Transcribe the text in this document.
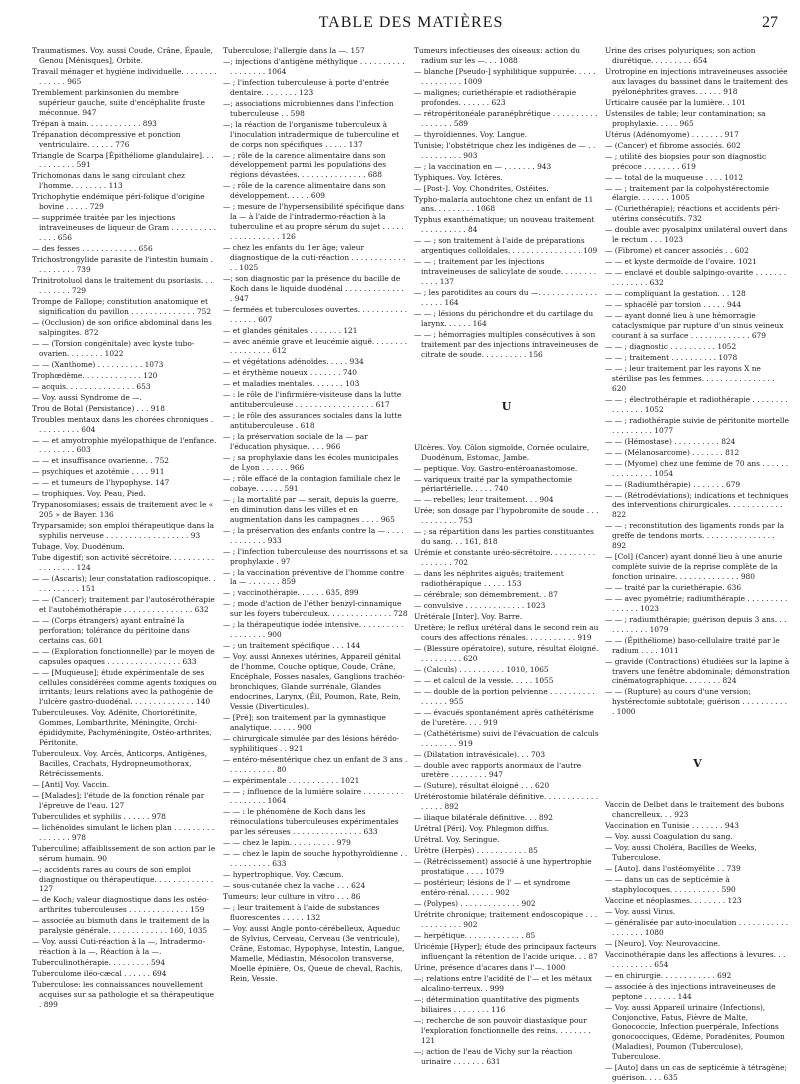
TABLE DES MATIÈRES	27
Traumatismes. Voy. aussi Coude, Crâne, Épaule, Genou [Ménisques], Orbite.
Travail ménager et hygiène individuelle. . . . . . . . . . . . . . 965
Tremblement parkinsonien du membre supérieur gauche, suite d'encéphalite fruste méconnue. 947
Trépan à main. . . . . . . . . . . . 893
Trépanation décompressive et ponction ventriculaire. . . . . . 776
Triangle de Scarpa [Épithéliome glandulaire]. . . . . . . . . . . 591
Trichomonas dans le sang circulant chez l'homme. . . . . . . . 113
Trichophytie endémique péri-folique d'origine bovine . . . . . 729
— supprimée traitée par les injections intraveineuses de liqueur de Gram . . . . . . . . . . . . . . 656
— des fesses . . . . . . . . . . . . 656
Trichostrongylide parasite de l'intestin humain . . . . . . . . . 739
Trinitrotoluol dans le traitement du psoriasis. . . . . . . . . . 729
Trompe de Fallope; constitution anatomique et signification du pavillon . . . . . . . . . . . . . . 752
— (Occlusion) de son orifice abdominal dans les salpingites. 872
— — (Torsion congénitale) avec kyste tubo-ovarien. . . . . . . . 1022
— — (Xanthome) . . . . . . . . . . 1073
Trophœdème. . . . . . . . . . . . . 120
— acquis. . . . . . . . . . . . . . . 653
— Voy. aussi Syndrome de —.
Trou de Botal (Persistance) . . . 918
Troubles mentaux dans les chorées chroniques . . . . . . . . . . 604
— — et amyotrophie myélopathique de l'enfance. . . . . . . . . 603
— — et insuffisance ovarienne. . 752
— psychiques et azotémie . . . . 911
— — et tumeurs de l'hypophyse. 147
— trophiques. Voy. Peau, Pied.
Trypanosomiases; essais de traitement avec le « 205 » de Bayer. 136
Tryparsamide; son emploi thérapeutique dans la syphilis nerveuse . . . . . . . . . . . . . . . . . . 93
Tubage. Voy. Duodénum.
Tube digestif; son activité sécrétoire. . . . . . . . . . . . . . . . . . 124
— — (Ascaris); leur constatation radioscopique. . . . . . . . . . . 151
— — (Cancer); traitement par l'autosérothérapie et l'autohémothérapie . . . . . . . . . . . . . . . 632
— — (Corps étrangers) ayant entraîné la perforation; tolérance du péritoine dans certains cas. 601
— — (Exploration fonctionnelle) par le moyen de capsules opaques . . . . . . . . . . . . . . . . 633
— — [Muqueuse]; étude expérimentale de ses cellules considérées comme agents toxiques ou irritants; leurs relations avec la pathogénie de l'ulcère gastro-duodénal. . . . . . . . . . . . . . 140
Tuberculeuses. Voy. Adénite, Choriorétinite, Gommes, Lombarthrite, Méningite, Orchi-épididymite, Pachyméningite, Ostéo-arthrites, Péritonite.
Tuberculeux. Voy. Arcès, Anticorps, Antigènes, Bacilles, Crachats, Hydropneumothorax, Rétrécissements.
— [Anti] Voy. Vaccin.
— [Malades]; l'étude de la fonction rénale par l'épreuve de l'eau. 127
Tuberculides et syphilis . . . . . . 978
— lichénoïdes simulant le lichen plan . . . . . . . . . . . . . . . . 978
Tuberculine; affaiblissement de son action par le sérum humain. 90
—; accidents rares au cours de son emploi diagnostique ou thérapeutique. . . . . . . . . . . . . 127
— de Koch; valeur diagnostique dans les ostéo-arthrites tuberculeuses . . . . . . . . . . . . . 159
— associée au bismuth dans le traitement de la paralysie générale. . . . . . . . . . . . . 160, 1035
— Voy. aussi Cuti-réaction à la —, Intradermo-réaction à la —, Réaction à la —.
Tuberculinothérapie. . . . . . . . . 594
Tuberculome iléo-cæcal . . . . . . 694
Tuberculose: les connaissances nouvellement acquises sur sa pathologie et sa thérapeutique . 899
Tuberculose; l'allergie dans la —. 157
—; injections d'antigène méthylique . . . . . . . . . . . . . . . . . . 1064
— ; l'infection tuberculeuse à porte d'entrée dentaire. . . . . . . . 123
—; associations microbiennes dans l'infection tuberculeuse . . 598
—; la réaction de l'organisme tuberculeux à l'inoculation intradermique de tuberculine et de corps non spécifiques . . . . . 137
— ; rôle de la carence alimentaire dans son développement parmi les populations des régions dévastées. . . . . . . . . . . . . . . 688
— ; rôle de la carence alimentaire dans son développement. . . . . 609
— ; mesure de l'hypersensibilité spécifique dans la — à l'aide de l'intradermo-réaction à la tuberculine et au propre sérum du sujet . . . . . . . . . . . . . . . . 126
— chez les enfants du 1er âge; valeur diagnostique de la cuti-réaction . . . . . . . . . . . . . . 1025
—; son diagnostic par la présence du bacille de Koch dans le liquide duodénal . . . . . . . . . . . . . . 947
— fermées et tuberculoses ouvertes. . . . . . . . . . . . . . . . . 607
— et glandes génitales . . . . . . . 121
— avec anémie grave et leucémie aiguë. . . . . . . . . . . . . . . . . 612
— et végétations adénoïdes. . . . . 934
— et érythème noueux . . . . . . . 740
— et maladies mentales. . . . . . . 103
— : le rôle de l'infirmière-visiteuse dans la lutte antituberculeuse . . . . . . . . . . . . . . . . . 617
— ; le rôle des assurances sociales dans la lutte antituberculeuse . 618
— ; la préservation sociale de la — par l'éducation physique. . . . 966
— ; sa prophylaxie dans les écoles municipales de Lyon . . . . . . 966
— ; rôle effacé de la contagion familiale chez le cobaye. . . . . . 591
— ; la mortalité par — serait, depuis la guerre, en diminution dans les villes et en augmentation dans les campagnes . . . . 965
— ; la préservation des enfants contre la — . . . . . . . . . . . . 933
— ; l'infection tuberculeuse des nourrissons et sa prophylaxie . 97
— ; la vaccination préventive de l'homme contre la — . . . . . . . 859
— ; vaccinothérapie. . . . . . 635, 899
— ; mode d'action de l'éther benzyl-cinnamique sur les foyers tuberculeux. . . . . . . . . . . . . . 728
— ; la thérapeutique iodée intensive. . . . . . . . . . . . . . . . . . 900
— ; un traitement spécifique . . . 144
— Voy. aussi Annexes utérines, Appareil génital de l'homme, Couche optique, Coude, Crâne, Encéphale, Fosses nasales, Ganglions trachéo-bronchiques, Glande surrénale, Glandes endocrines, Larynx, (Éil, Poumon, Rate, Rein, Vessie (Diverticules).
— [Pré]; son traitement par la gymnastique analytique. . . . . . 900
— chirurgicale simulée par des lésions hérédo-syphilitiques . . 921
— entéro-mésentérique chez un enfant de 3 ans . . . . . . . . . . . 80
— expérimentale . . . . . . . . . . . 1021
— — ; influence de la lumière solaire . . . . . . . . . . . . . . . . . 1064
— — : le phénomène de Koch dans les réinoculations tuberculeuses expérimentales par les séreuses . . . . . . . . . . . . . . . 633
— — chez le lapin. . . . . . . . . . 979
— — chez le lapin de souche hypothyroïdienne . . . . . . . . . . . 633
— hypertrophique. Voy. Cæcum.
— sous-cutanée chez la vache . . . 624
Tumeurs; leur culture in vitro . . . 86
— ; leur traitement à l'aide de substances fluorescentes . . . . . 132
— Voy. aussi Angle ponto-cérébelleux, Aqueduc de Sylvius, Cerveau, Cerveau (3e ventricule), Crâne, Estomac, Hypophyse, Intestin, Langue, Mamelle, Médiastin, Mésocolon transverse, Moelle épinière, Os, Queue de cheval, Rachis, Rein, Vessie.
Tumeurs infectieuses des oiseaux: action du radium sur les —. . . 1088
— blanche [Pseudo-] syphilitique suppurée. . . . . . . . . . . . . . 1009
— malignes; curiethérapie et radiothérapie profondes. . . . . . . 623
— rétropéritonéale paranéphrétique . . . . . . . . . . . . . . . . . 589
— thyroïdiennes. Voy. Langue.
Tunisie; l'obstétrique chez les indigènes de — . . . . . . . . . . . 903
— ; la vaccination en — . . . . . . . 943
Typhiques. Voy. Ictères.
— [Post-]. Voy. Chondrites, Ostéites.
Typho-malaria autochtone chez un enfant de 11 ans. . . . . . . . . 1068
Typhus exanthématique; un nouveau traitement . . . . . . . . . . 84
— — ; son traitement à l'aide de préparations argentiques colloïdales. . . . . . . . . . . . . . . . 109
— — ; traitement par les injections intraveineuses de salicylate de soude. . . . . . . . . . . . 137
— ; les parotidites au cours du —. . . . . . . . . . . . . . . . . . 164
— — ; lésions du périchondre et du cartilage du larynx. . . . . . 164
— — ; hémorragies multiples consécutives à son traitement par des injections intraveineuses de citrate de soude. . . . . . . . . . 156
U
Ulcères. Voy. Côlon sigmoïde, Cornée oculaire, Duodénum, Estomac, Jambe.
— peptique. Voy. Gastro-entéroanastomose.
— variqueux traité par la sympathectomie périartérielle. . . . . 740
— — rebelles; leur traitement. . . 904
Urée; son dosage par l'hypobromite de soude . . . . . . . . . . . 753
— ; sa répartition dans les parties constituantes du sang. . . 161, 818
Urémie et constante uréo-sécrétoire. . . . . . . . . . . . . . . . . 702
— dans les néphrites aiguës; traitement radiothérapique . . . . . 153
— cérébrale; son démembrement. . 87
— convulsive . . . . . . . . . . . . . 1023
Urétérale [Inter]. Voy. Barre.
Uretère; le reflux urétéral dans le second rein au cours des affections rénales. . . . . . . . . . . 919
— (Blessure opératoire), suture, résultat éloigné. . . . . . . . . . 620
— (Calculs) . . . . . . . . . . 1010, 1065
— — et calcul de la vessie. . . . . 1055
— — double de la portion pelvienne . . . . . . . . . . . . . . . . 955
— — évacués spontanément après cathétérisme de l'uretère. . . . 919
— (Cathétérisme) suivi de l'évacuation de calculs . . . . . . . . 919
— (Dilatation intravésicale). . . 703
— double avec rapports anormaux de l'autre uretère . . . . . . . . 947
— (Suture), résultat éloigné . . . 620
Urétérostomie bilatérale définitive. . . . . . . . . . . . . . . . . 892
— iliaque bilatérale définitive. . . 892
Urétral [Péri]. Voy. Phlegmon diffus.
Urétral. Voy. Seringue.
Urètre (Herpès) . . . . . . . . . . . 85
— (Rétrécissement) associé à une hypertrophie prostatique . . . . 1079
— postérieur; lésions de l' — et syndrome entéro-rénal. . . . . . 902
— (Polypes) . . . . . . . . . . . . . 902
Urétrite chronique; traitement endoscopique . . . . . . . . . . . . 902
— herpétique. . . . . . . . . . . . . 85
Uricémie [Hyper]; étude des principaux facteurs influençant la rétention de l'acide urique. . . 87
Urine, présence d'acares dans l'—. 1000
—; relations entre l'acidité de l'— et les métaux alcalino-terreux. . 999
—; détermination quantitative des pigments biliaires . . . . . . . . 116
—; recherche de son pouvoir diastasique pour l'exploration fonctionnelle des reins. . . . . . . . 121
—; action de l'eau de Vichy sur la réaction urinaire . . . . . . . 631
Urine des crises polyuriques; son action diurétique. . . . . . . . . 654
Urotropine en injections intraveineuses associée aux lavages du bassinet dans le traitement des pyélonéphrites graves. . . . . . 918
Urticaire causée par la lumière. . 101
Ustensiles de table; leur contamination; sa prophylaxie. . . . . 965
Utérus (Adénomyome) . . . . . . . 917
— (Cancer) et fibrome associés. 602
— ; utilité des biopsies pour son diagnostic précoce . . . . . . . . 619
— — total de la muqueuse . . . . 1012
— — ; traitement par la colpohystérectomie élargie. . . . . . . 1005
— (Curiethérapie); réactions et accidents péri-utérins consécutifs. 732
— double avec pyosalpinx unilatéral ouvert dans le rectum . . . 1023
— (Fibrome) et cancer associés . . 602
— — et kyste dermoïde de l'ovaire. 1021
— — enclavé et double salpingo-ovarite . . . . . . . . . . . . . . . 632
— — compliquant la gestation. . . 128
— — sphacélé par torsion . . . . . 944
— — ayant donné lieu à une hémorragie cataclysmique par rupture d'un sinus veineux courant à sa surface . . . . . . . . . . . . . 679
— — ; diagnostic . . . . . . . . . . 1052
— — ; traitement . . . . . . . . . . 1078
— — ; leur traitement par les rayons X ne stérilise pas les femmes. . . . . . . . . . . . . . . . 620
— — ; électrothérapie et radiothérapie . . . . . . . . . . . . . . . 1052
— — ; radiothérapie suivie de péritonite mortelle . . . . . . . . . 1077
— — (Hémostase) . . . . . . . . . . 824
— — (Mélanosarcome) . . . . . . . 812
— — (Myome) chez une femme de 70 ans . . . . . . . . . . . . . . . 1054
— — (Radiumthérapie) . . . . . . . 679
— — (Rétrodéviations); indications et techniques des interventions chirurgicales. . . . . . . . . . . . 822
— — ; reconstitution des ligaments ronds par la greffe de tendons morts. . . . . . . . . . . . . . . . 892
— [Col] (Cancer) ayant donné lieu à une anurie complète suivie de la reprise complète de la fonction urinaire. . . . . . . . . . . . . . 980
— — traité par la curiethérapie. 636
— — avec pyométrie; radiumthérapie . . . . . . . . . . . . . . . 1023
— — ; radiumthérapie; guérison depuis 3 ans. . . . . . . . . . . 1079
— — (Épithéliome) baso-cellulaire traité par le radium . . . . 1011
— gravide (Contractions) étudiées sur la lapine à travers une fenêtre abdominale; démonstration cinématographique. . . . . . . . 824
— — (Rupture) au cours d'une version; hystérectomie subtotale; guérison . . . . . . . . . . . 1000
V
Vaccin de Delbet dans le traitement des bubons chancrelleux. . . 923
Vaccination en Tunisie . . . . . . . 943
— Voy. aussi Coagulation du sang.
— Voy. aussi Choléra, Bacilles de Weeks, Tuberculose.
— [Auto]. dans l'ostéomyélite . . 739
— — dans un cas de septicémie à staphylocoques. . . . . . . . . . . 590
Vaccine et néoplasmes. . . . . . . . 123
— Voy. aussi Virus.
— généralisée par auto-inoculation . . . . . . . . . . . . . . . . . . 1080
— [Neuro]. Voy. Neurovaccine.
Vaccinothérapie dans les affections à levures. . . . . . . . . . . . 654
— en chirurgie. . . . . . . . . . . . 692
— associée à des injections intraveineuses de peptone . . . . . . . 144
— Voy. aussi Appareil urinaire (Infections), Conjonctive, Fatus, Fièvre de Malte, Gonococcie, Infection puerpérale, Infections gonococciques, Œdème, Poradénites, Poumon (Maladies), Poumon (Tuberculose), Tuberculose.
— [Auto] dans un cas de septicémie à tétragène; guérison. . . . 635
